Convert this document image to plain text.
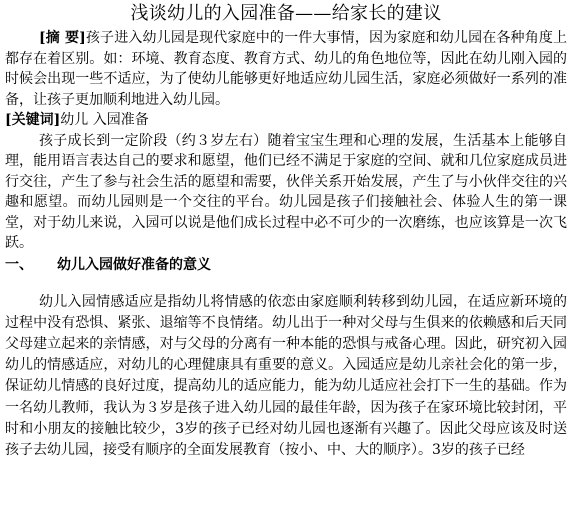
浅谈幼儿的入园准备——给家长的建议

[摘 要]孩子进入幼儿园是现代家庭中的一件大事情，因为家庭和幼儿园在各种角度上都存在着区别。如：环境、教育态度、教育方式、幼儿的角色地位等，因此在幼儿刚入园的时候会出现一些不适应，为了使幼儿能够更好地适应幼儿园生活，家庭必须做好一系列的准备，让孩子更加顺利地进入幼儿园。

[关键词]幼儿 入园准备

孩子成长到一定阶段（约３岁左右）随着宝宝生理和心理的发展，生活基本上能够自理，能用语言表达自己的要求和愿望，他们已经不满足于家庭的空间、就和几位家庭成员进行交往，产生了参与社会生活的愿望和需要，伙伴关系开始发展，产生了与小伙伴交往的兴趣和愿望。而幼儿园则是一个交往的平台。幼儿园是孩子们接触社会、体验人生的第一课堂，对于幼儿来说，入园可以说是他们成长过程中必不可少的一次磨练，也应该算是一次飞跃。

一、 幼儿入园做好准备的意义

幼儿入园情感适应是指幼儿将情感的依恋由家庭顺利转移到幼儿园，在适应新环境的过程中没有恐惧、紧张、退缩等不良情绪。幼儿出于一种对父母与生俱来的依赖感和后天同父母建立起来的亲情感，对与父母的分离有一种本能的恐惧与戒备心理。因此，研究初入园幼儿的情感适应，对幼儿的心理健康具有重要的意义。入园适应是幼儿亲社会化的第一步，保证幼儿情感的良好过度，提高幼儿的适应能力，能为幼儿适应社会打下一生的基础。作为一名幼儿教师，我认为３岁是孩子进入幼儿园的最佳年龄，因为孩子在家环境比较封闭，平时和小朋友的接触比较少，3岁的孩子已经对幼儿园也逐渐有兴趣了。因此父母应该及时送孩子去幼儿园，接受有顺序的全面发展教育（按小、中、大的顺序）。3岁的孩子已经
